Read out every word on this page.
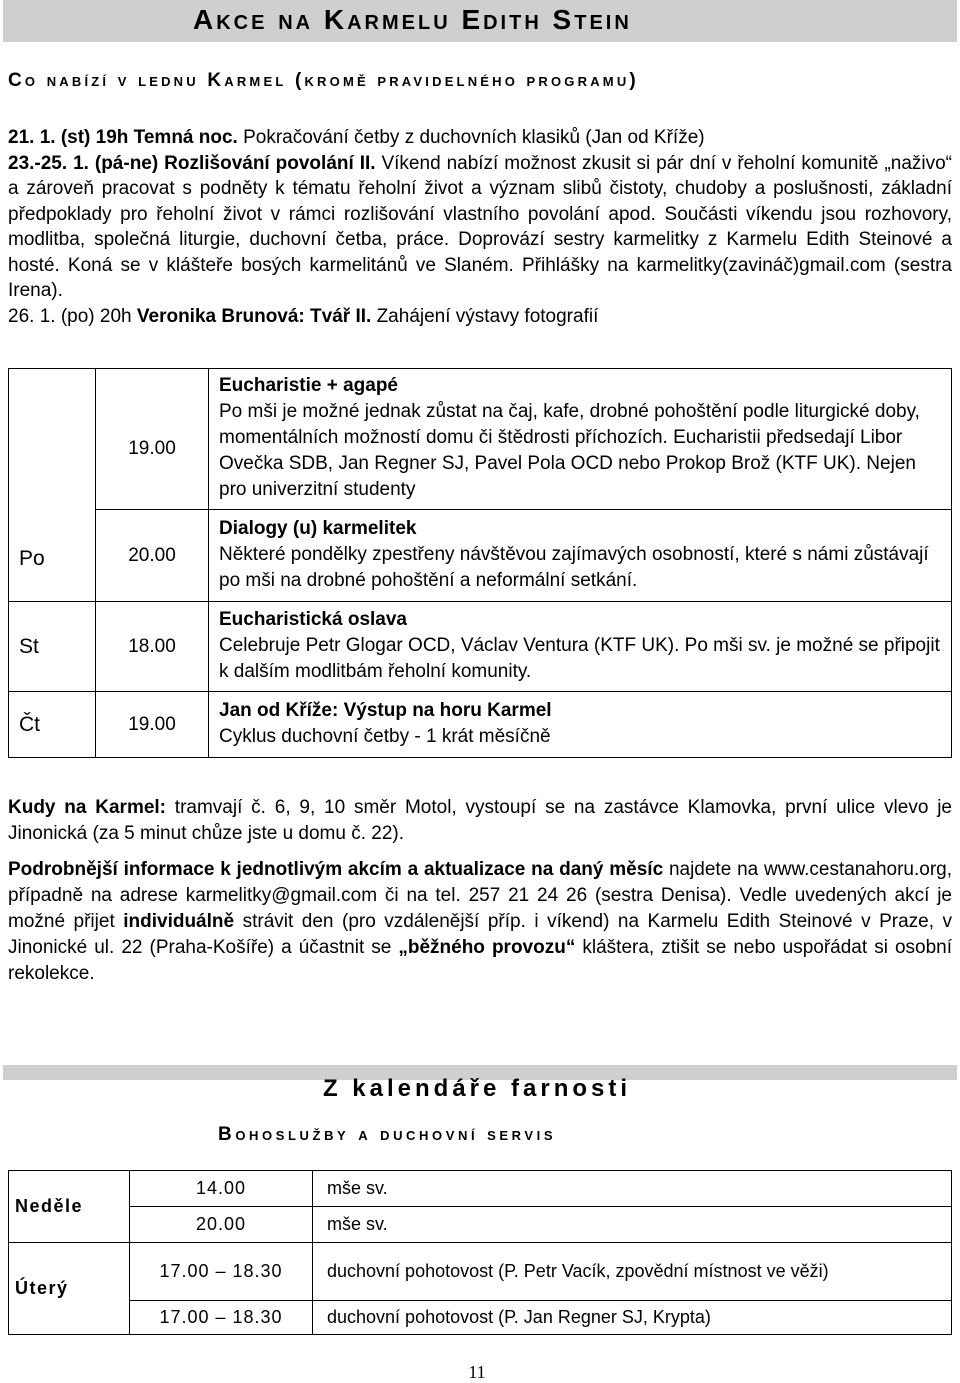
Akce na Karmelu Edith Stein
Co nabízí v lednu Karmel (kromě pravidelného programu)
21. 1. (st) 19h Temná noc. Pokračování četby z duchovních klasiků (Jan od Kříže)
23.-25. 1. (pá-ne) Rozlišování povolání II. Víkend nabízí možnost zkusit si pár dní v řeholní komunitě „naživo“ a zároveň pracovat s podněty k tématu řeholní život a význam slibů čistoty, chudoby a poslušnosti, základní předpoklady pro řeholní život v rámci rozlišování vlastního povolání apod. Součásti víkendu jsou rozhovory, modlitba, společná liturgie, duchovní četba, práce. Doprovází sestry karmelitky z Karmelu Edith Steinové a hosté. Koná se v klášteře bosých karmelitánů ve Slaném. Přihlášky na karmelitky(zavináč)gmail.com (sestra Irena).
26. 1. (po) 20h Veronika Brunová: Tvář II. Zahájení výstavy fotografií
Po	19.00	Eucharistie + agapé
Po mši je možné jednak zůstat na čaj, kafe, drobné pohoštění podle liturgické doby, momentálních možností domu či štědrosti příchozích. Eucharistii předsedají Libor Ovečka SDB, Jan Regner SJ, Pavel Pola OCD nebo Prokop Brož (KTF UK). Nejen pro univerzitní studenty

	20.00	Dialogy (u) karmelitek
Některé pondělky zpestřeny návštěvou zajímavých osobností, které s námi zůstávají po mši na drobné pohoštění a neformální setkání.

St	18.00	Eucharistická oslava
Celebruje Petr Glogar OCD, Václav Ventura (KTF UK). Po mši sv. je možné se připojit k dalším modlitbám řeholní komunity.

Čt	19.00	Jan od Kříže: Výstup na horu Karmel
Cyklus duchovní četby - 1 krát měsíčně
Kudy na Karmel: tramvají č. 6, 9, 10 směr Motol, vystoupí se na zastávce Klamovka, první ulice vlevo je Jinonická (za 5 minut chůze jste u domu č. 22).
Podrobnější informace k jednotlivým akcím a aktualizace na daný měsíc najdete na www.cestanahoru.org, případně na adrese karmelitky@gmail.com či na tel. 257 21 24 26 (sestra Denisa). Vedle uvedených akcí je možné přijet individuálně strávit den (pro vzdálenější příp. i víkend) na Karmelu Edith Steinové v Praze, v Jinonické ul. 22 (Praha-Košíře) a účastnit se „běžného provozu“ kláštera, ztišit se nebo uspořádat si osobní rekolekce.
Z kalendáře farnosti
Bohoslužby a duchovní servis
Neděle	14.00	mše sv.
	20.00	mše sv.
Úterý	17.00 – 18.30	duchovní pohotovost (P. Petr Vacík, zpovědní místnost ve věži)
	17.00 – 18.30	duchovní pohotovost (P. Jan Regner SJ, Krypta)
11
